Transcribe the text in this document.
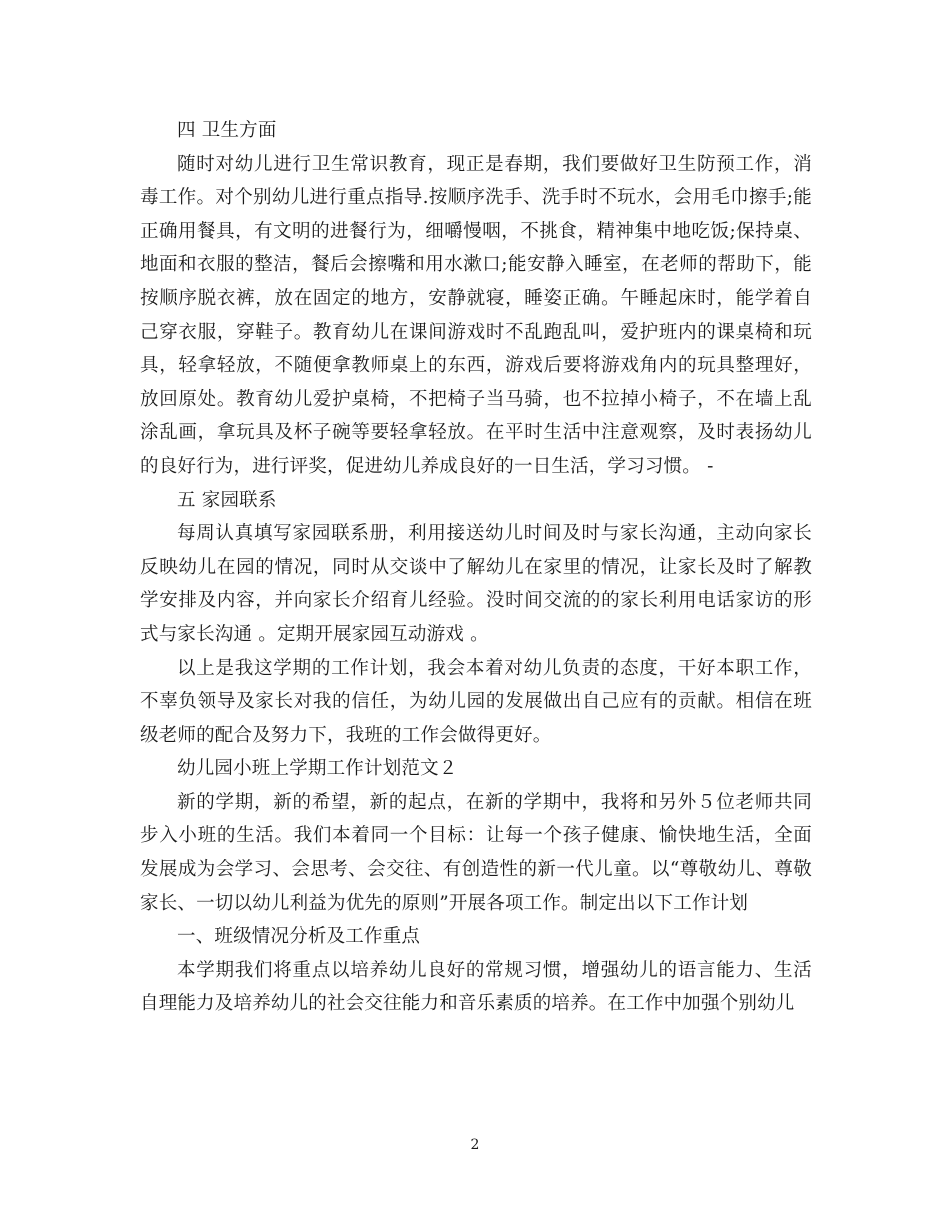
四 卫生方面

随时对幼儿进行卫生常识教育，现正是春期，我们要做好卫生防预工作，消毒工作。对个别幼儿进行重点指导.按顺序洗手、洗手时不玩水，会用毛巾擦手;能正确用餐具，有文明的进餐行为，细嚼慢咽，不挑食，精神集中地吃饭;保持桌、地面和衣服的整洁，餐后会擦嘴和用水漱口;能安静入睡室，在老师的帮助下，能按顺序脱衣裤，放在固定的地方，安静就寝，睡姿正确。午睡起床时，能学着自己穿衣服，穿鞋子。教育幼儿在课间游戏时不乱跑乱叫，爱护班内的课桌椅和玩具，轻拿轻放，不随便拿教师桌上的东西，游戏后要将游戏角内的玩具整理好，放回原处。教育幼儿爱护桌椅，不把椅子当马骑，也不拉掉小椅子，不在墙上乱涂乱画，拿玩具及杯子碗等要轻拿轻放。在平时生活中注意观察，及时表扬幼儿的良好行为，进行评奖，促进幼儿养成良好的一日生活，学习习惯。 -

五 家园联系

每周认真填写家园联系册，利用接送幼儿时间及时与家长沟通，主动向家长反映幼儿在园的情况，同时从交谈中了解幼儿在家里的情况，让家长及时了解教学安排及内容，并向家长介绍育儿经验。没时间交流的的家长利用电话家访的形式与家长沟通 。定期开展家园互动游戏 。

以上是我这学期的工作计划，我会本着对幼儿负责的态度，干好本职工作，不辜负领导及家长对我的信任，为幼儿园的发展做出自己应有的贡献。相信在班级老师的配合及努力下，我班的工作会做得更好。

幼儿园小班上学期工作计划范文２

新的学期，新的希望，新的起点，在新的学期中，我将和另外５位老师共同步入小班的生活。我们本着同一个目标：让每一个孩子健康、愉快地生活，全面发展成为会学习、会思考、会交往、有创造性的新一代儿童。以“尊敬幼儿、尊敬家长、一切以幼儿利益为优先的原则”开展各项工作。制定出以下工作计划

一、班级情况分析及工作重点

本学期我们将重点以培养幼儿良好的常规习惯，增强幼儿的语言能力、生活自理能力及培养幼儿的社会交往能力和音乐素质的培养。在工作中加强个别幼儿

2
